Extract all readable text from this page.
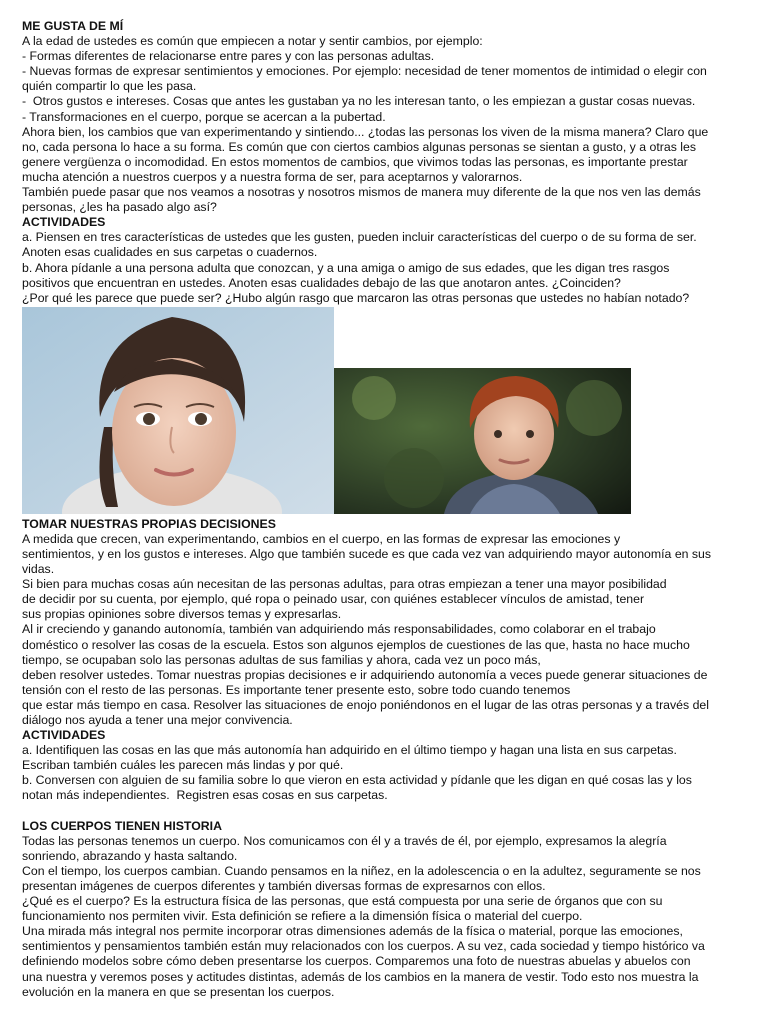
ME GUSTA DE MÍ
A la edad de ustedes es común que empiecen a notar y sentir cambios, por ejemplo:
- Formas diferentes de relacionarse entre pares y con las personas adultas.
- Nuevas formas de expresar sentimientos y emociones. Por ejemplo: necesidad de tener momentos de intimidad o elegir con
quién compartir lo que les pasa.
-  Otros gustos e intereses. Cosas que antes les gustaban ya no les interesan tanto, o les empiezan a gustar cosas nuevas.
- Transformaciones en el cuerpo, porque se acercan a la pubertad.
Ahora bien, los cambios que van experimentando y sintiendo... ¿todas las personas los viven de la misma manera? Claro que
no, cada persona lo hace a su forma. Es común que con ciertos cambios algunas personas se sientan a gusto, y a otras les
genere vergüenza o incomodidad. En estos momentos de cambios, que vivimos todas las personas, es importante prestar
mucha atención a nuestros cuerpos y a nuestra forma de ser, para aceptarnos y valorarnos.
También puede pasar que nos veamos a nosotras y nosotros mismos de manera muy diferente de la que nos ven las demás
personas, ¿les ha pasado algo así?
ACTIVIDADES
a. Piensen en tres características de ustedes que les gusten, pueden incluir características del cuerpo o de su forma de ser.
Anoten esas cualidades en sus carpetas o cuadernos.
b. Ahora pídanle a una persona adulta que conozcan, y a una amiga o amigo de sus edades, que les digan tres rasgos
positivos que encuentran en ustedes. Anoten esas cualidades debajo de las que anotaron antes. ¿Coinciden?
¿Por qué les parece que puede ser? ¿Hubo algún rasgo que marcaron las otras personas que ustedes no habían notado?
TOMAR NUESTRAS PROPIAS DECISIONES
A medida que crecen, van experimentando, cambios en el cuerpo, en las formas de expresar las emociones y
sentimientos, y en los gustos e intereses. Algo que también sucede es que cada vez van adquiriendo mayor autonomía en sus
vidas.
Si bien para muchas cosas aún necesitan de las personas adultas, para otras empiezan a tener una mayor posibilidad
de decidir por su cuenta, por ejemplo, qué ropa o peinado usar, con quiénes establecer vínculos de amistad, tener
sus propias opiniones sobre diversos temas y expresarlas.
Al ir creciendo y ganando autonomía, también van adquiriendo más responsabilidades, como colaborar en el trabajo
doméstico o resolver las cosas de la escuela. Estos son algunos ejemplos de cuestiones de las que, hasta no hace mucho
tiempo, se ocupaban solo las personas adultas de sus familias y ahora, cada vez un poco más,
deben resolver ustedes. Tomar nuestras propias decisiones e ir adquiriendo autonomía a veces puede generar situaciones de
tensión con el resto de las personas. Es importante tener presente esto, sobre todo cuando tenemos
que estar más tiempo en casa. Resolver las situaciones de enojo poniéndonos en el lugar de las otras personas y a través del
diálogo nos ayuda a tener una mejor convivencia.
ACTIVIDADES
a. Identifiquen las cosas en las que más autonomía han adquirido en el último tiempo y hagan una lista en sus carpetas.
Escriban también cuáles les parecen más lindas y por qué.
b. Conversen con alguien de su familia sobre lo que vieron en esta actividad y pídanle que les digan en qué cosas las y los
notan más independientes.  Registren esas cosas en sus carpetas.
LOS CUERPOS TIENEN HISTORIA
Todas las personas tenemos un cuerpo. Nos comunicamos con él y a través de él, por ejemplo, expresamos la alegría
sonriendo, abrazando y hasta saltando.
Con el tiempo, los cuerpos cambian. Cuando pensamos en la niñez, en la adolescencia o en la adultez, seguramente se nos
presentan imágenes de cuerpos diferentes y también diversas formas de expresarnos con ellos.
¿Qué es el cuerpo? Es la estructura física de las personas, que está compuesta por una serie de órganos que con su
funcionamiento nos permiten vivir. Esta definición se refiere a la dimensión física o material del cuerpo.
Una mirada más integral nos permite incorporar otras dimensiones además de la física o material, porque las emociones,
sentimientos y pensamientos también están muy relacionados con los cuerpos. A su vez, cada sociedad y tiempo histórico va
definiendo modelos sobre cómo deben presentarse los cuerpos. Comparemos una foto de nuestras abuelas y abuelos con
una nuestra y veremos poses y actitudes distintas, además de los cambios en la manera de vestir. Todo esto nos muestra la
evolución en la manera en que se presentan los cuerpos.
